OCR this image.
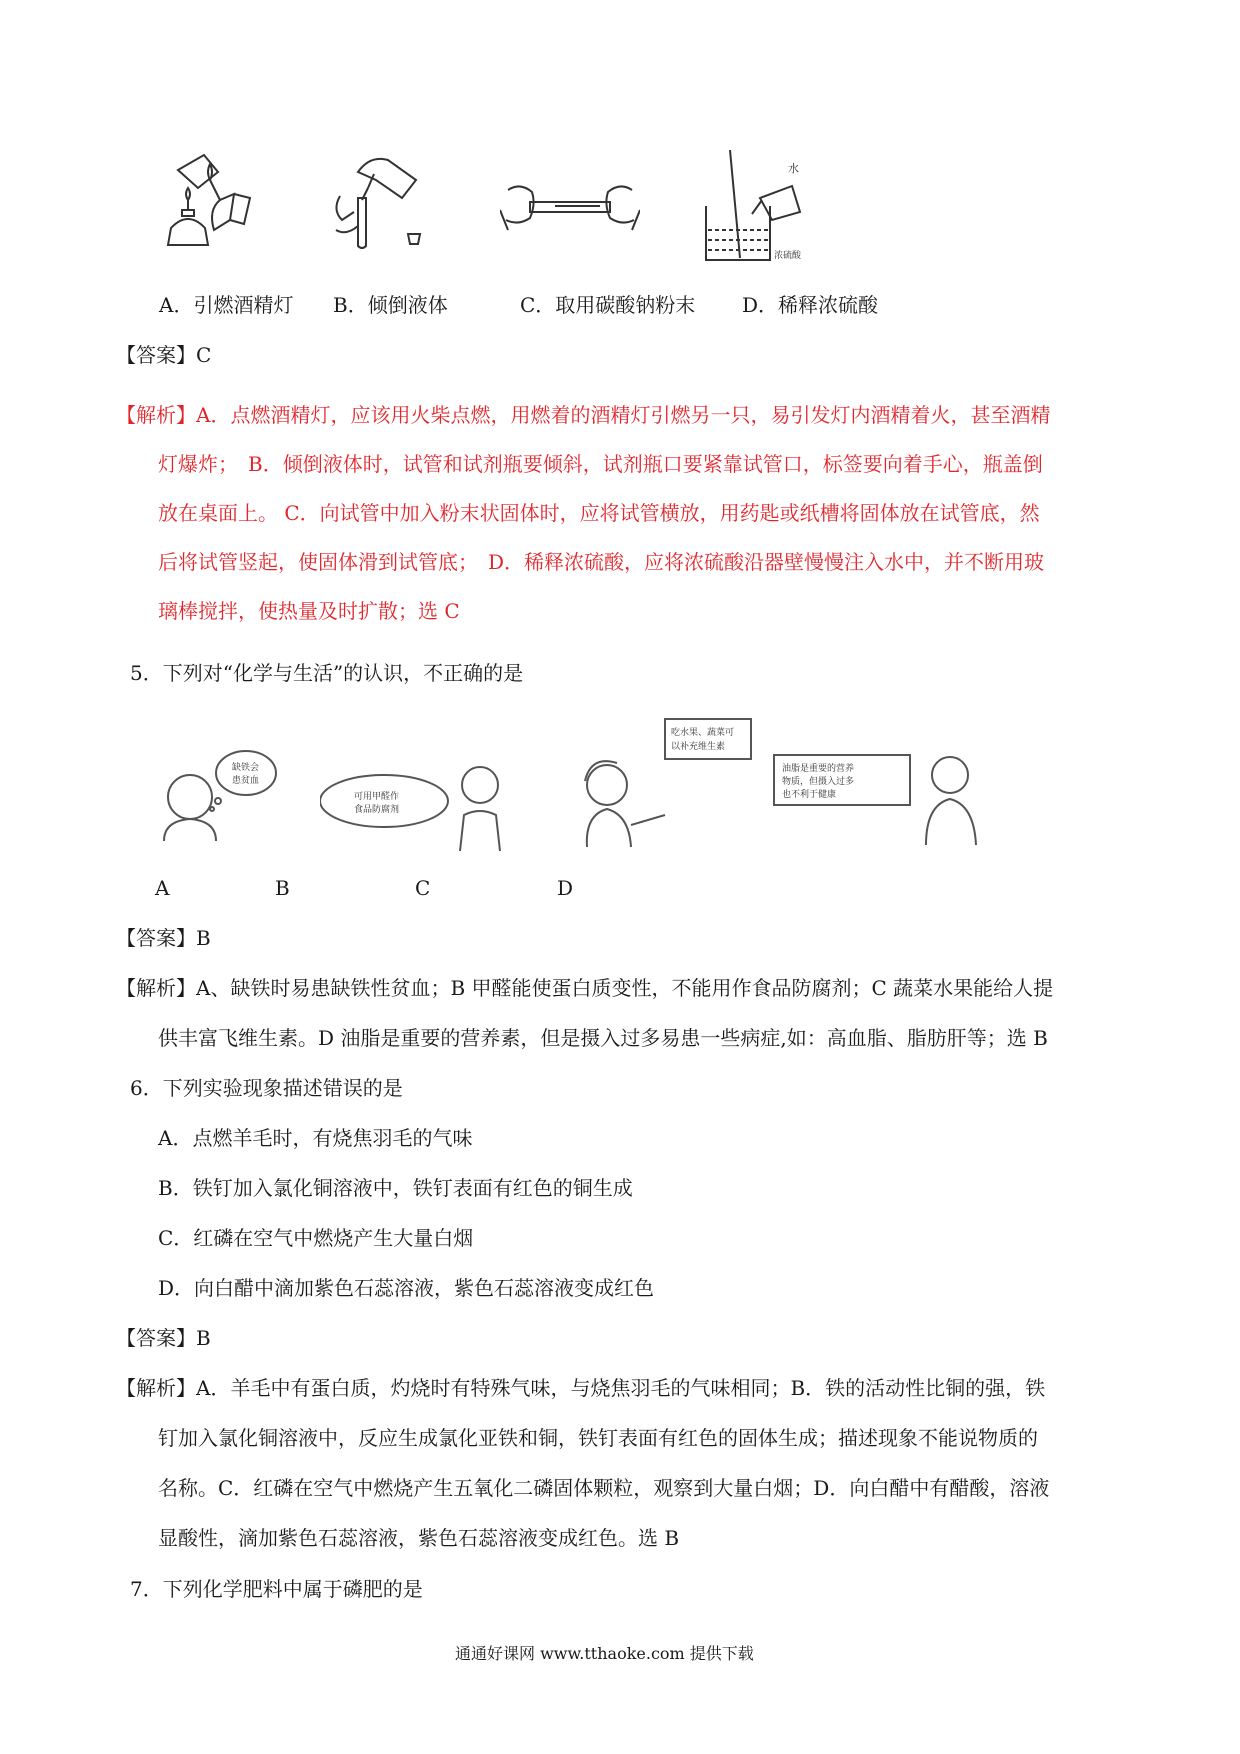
水
浓硫酸
A．引燃酒精灯 B．倾倒液体	C．取用碳酸钠粉末 D．稀释浓硫酸
【答案】C
【解析】A．点燃酒精灯，应该用火柴点燃，用燃着的酒精灯引燃另一只，易引发灯内酒精着火，甚至酒精
灯爆炸；　B．倾倒液体时，试管和试剂瓶要倾斜，试剂瓶口要紧靠试管口，标签要向着手心，瓶盖倒
放在桌面上。 C．向试管中加入粉末状固体时，应将试管横放，用药匙或纸槽将固体放在试管底，然
后将试管竖起，使固体滑到试管底；　D．稀释浓硫酸，应将浓硫酸沿器壁慢慢注入水中，并不断用玻
璃棒搅拌，使热量及时扩散；选 C
5．下列对“化学与生活”的认识，不正确的是
缺铁会
患贫血
可用甲醛作
食品防腐剂
吃水果、蔬菜可
以补充维生素
油脂是重要的营养
物质，但摄入过多
也不利于健康
A	B	C	D
【答案】B
【解析】A、缺铁时易患缺铁性贫血；B 甲醛能使蛋白质变性，不能用作食品防腐剂；C 蔬菜水果能给人提
供丰富飞维生素。D 油脂是重要的营养素，但是摄入过多易患一些病症,如：高血脂、脂肪肝等；选 B
6．下列实验现象描述错误的是
A．点燃羊毛时，有烧焦羽毛的气味
B．铁钉加入氯化铜溶液中，铁钉表面有红色的铜生成
C．红磷在空气中燃烧产生大量白烟
D．向白醋中滴加紫色石蕊溶液，紫色石蕊溶液变成红色
【答案】B
【解析】A．羊毛中有蛋白质，灼烧时有特殊气味，与烧焦羽毛的气味相同；B．铁的活动性比铜的强，铁
钉加入氯化铜溶液中，反应生成氯化亚铁和铜，铁钉表面有红色的固体生成；描述现象不能说物质的
名称。C．红磷在空气中燃烧产生五氧化二磷固体颗粒，观察到大量白烟；D．向白醋中有醋酸，溶液
显酸性，滴加紫色石蕊溶液，紫色石蕊溶液变成红色。选 B
7．下列化学肥料中属于磷肥的是
通通好课网 www.tthaoke.com 提供下载
